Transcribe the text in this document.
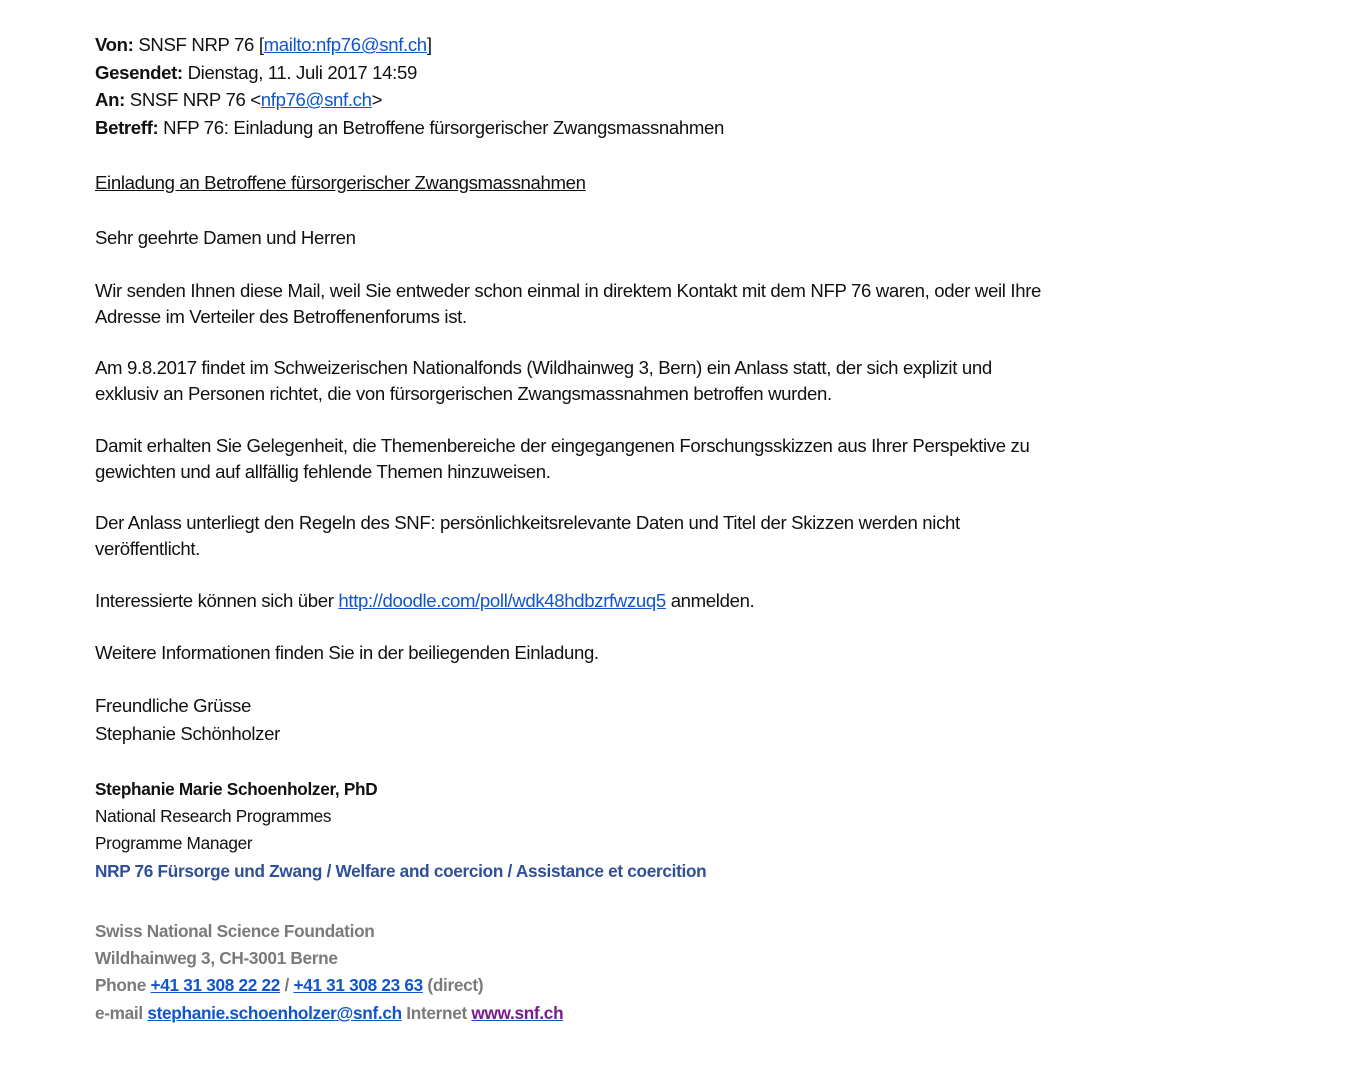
Von: SNSF NRP 76 [mailto:nfp76@snf.ch]
Gesendet: Dienstag, 11. Juli 2017 14:59
An: SNSF NRP 76 <nfp76@snf.ch>
Betreff: NFP 76: Einladung an Betroffene fürsorgerischer Zwangsmassnahmen
Einladung an Betroffene fürsorgerischer Zwangsmassnahmen
Sehr geehrte Damen und Herren
Wir senden Ihnen diese Mail, weil Sie entweder schon einmal in direktem Kontakt mit dem NFP 76 waren, oder weil Ihre
Adresse im Verteiler des Betroffenenforums ist.
Am 9.8.2017 findet im Schweizerischen Nationalfonds (Wildhainweg 3, Bern) ein Anlass statt, der sich explizit und
exklusiv an Personen richtet, die von fürsorgerischen Zwangsmassnahmen betroffen wurden.
Damit erhalten Sie Gelegenheit, die Themenbereiche der eingegangenen Forschungsskizzen aus Ihrer Perspektive zu
gewichten und auf allfällig fehlende Themen hinzuweisen.
Der Anlass unterliegt den Regeln des SNF: persönlichkeitsrelevante Daten und Titel der Skizzen werden nicht
veröffentlicht.
Interessierte können sich über http://doodle.com/poll/wdk48hdbzrfwzuq5 anmelden.
Weitere Informationen finden Sie in der beiliegenden Einladung.
Freundliche Grüsse
Stephanie Schönholzer
Stephanie Marie Schoenholzer, PhD
National Research Programmes
Programme Manager
NRP 76 Fürsorge und Zwang / Welfare and coercion / Assistance et coercition
Swiss National Science Foundation
Wildhainweg 3, CH-3001 Berne
Phone +41 31 308 22 22 / +41 31 308 23 63 (direct)
e-mail stephanie.schoenholzer@snf.ch Internet www.snf.ch
